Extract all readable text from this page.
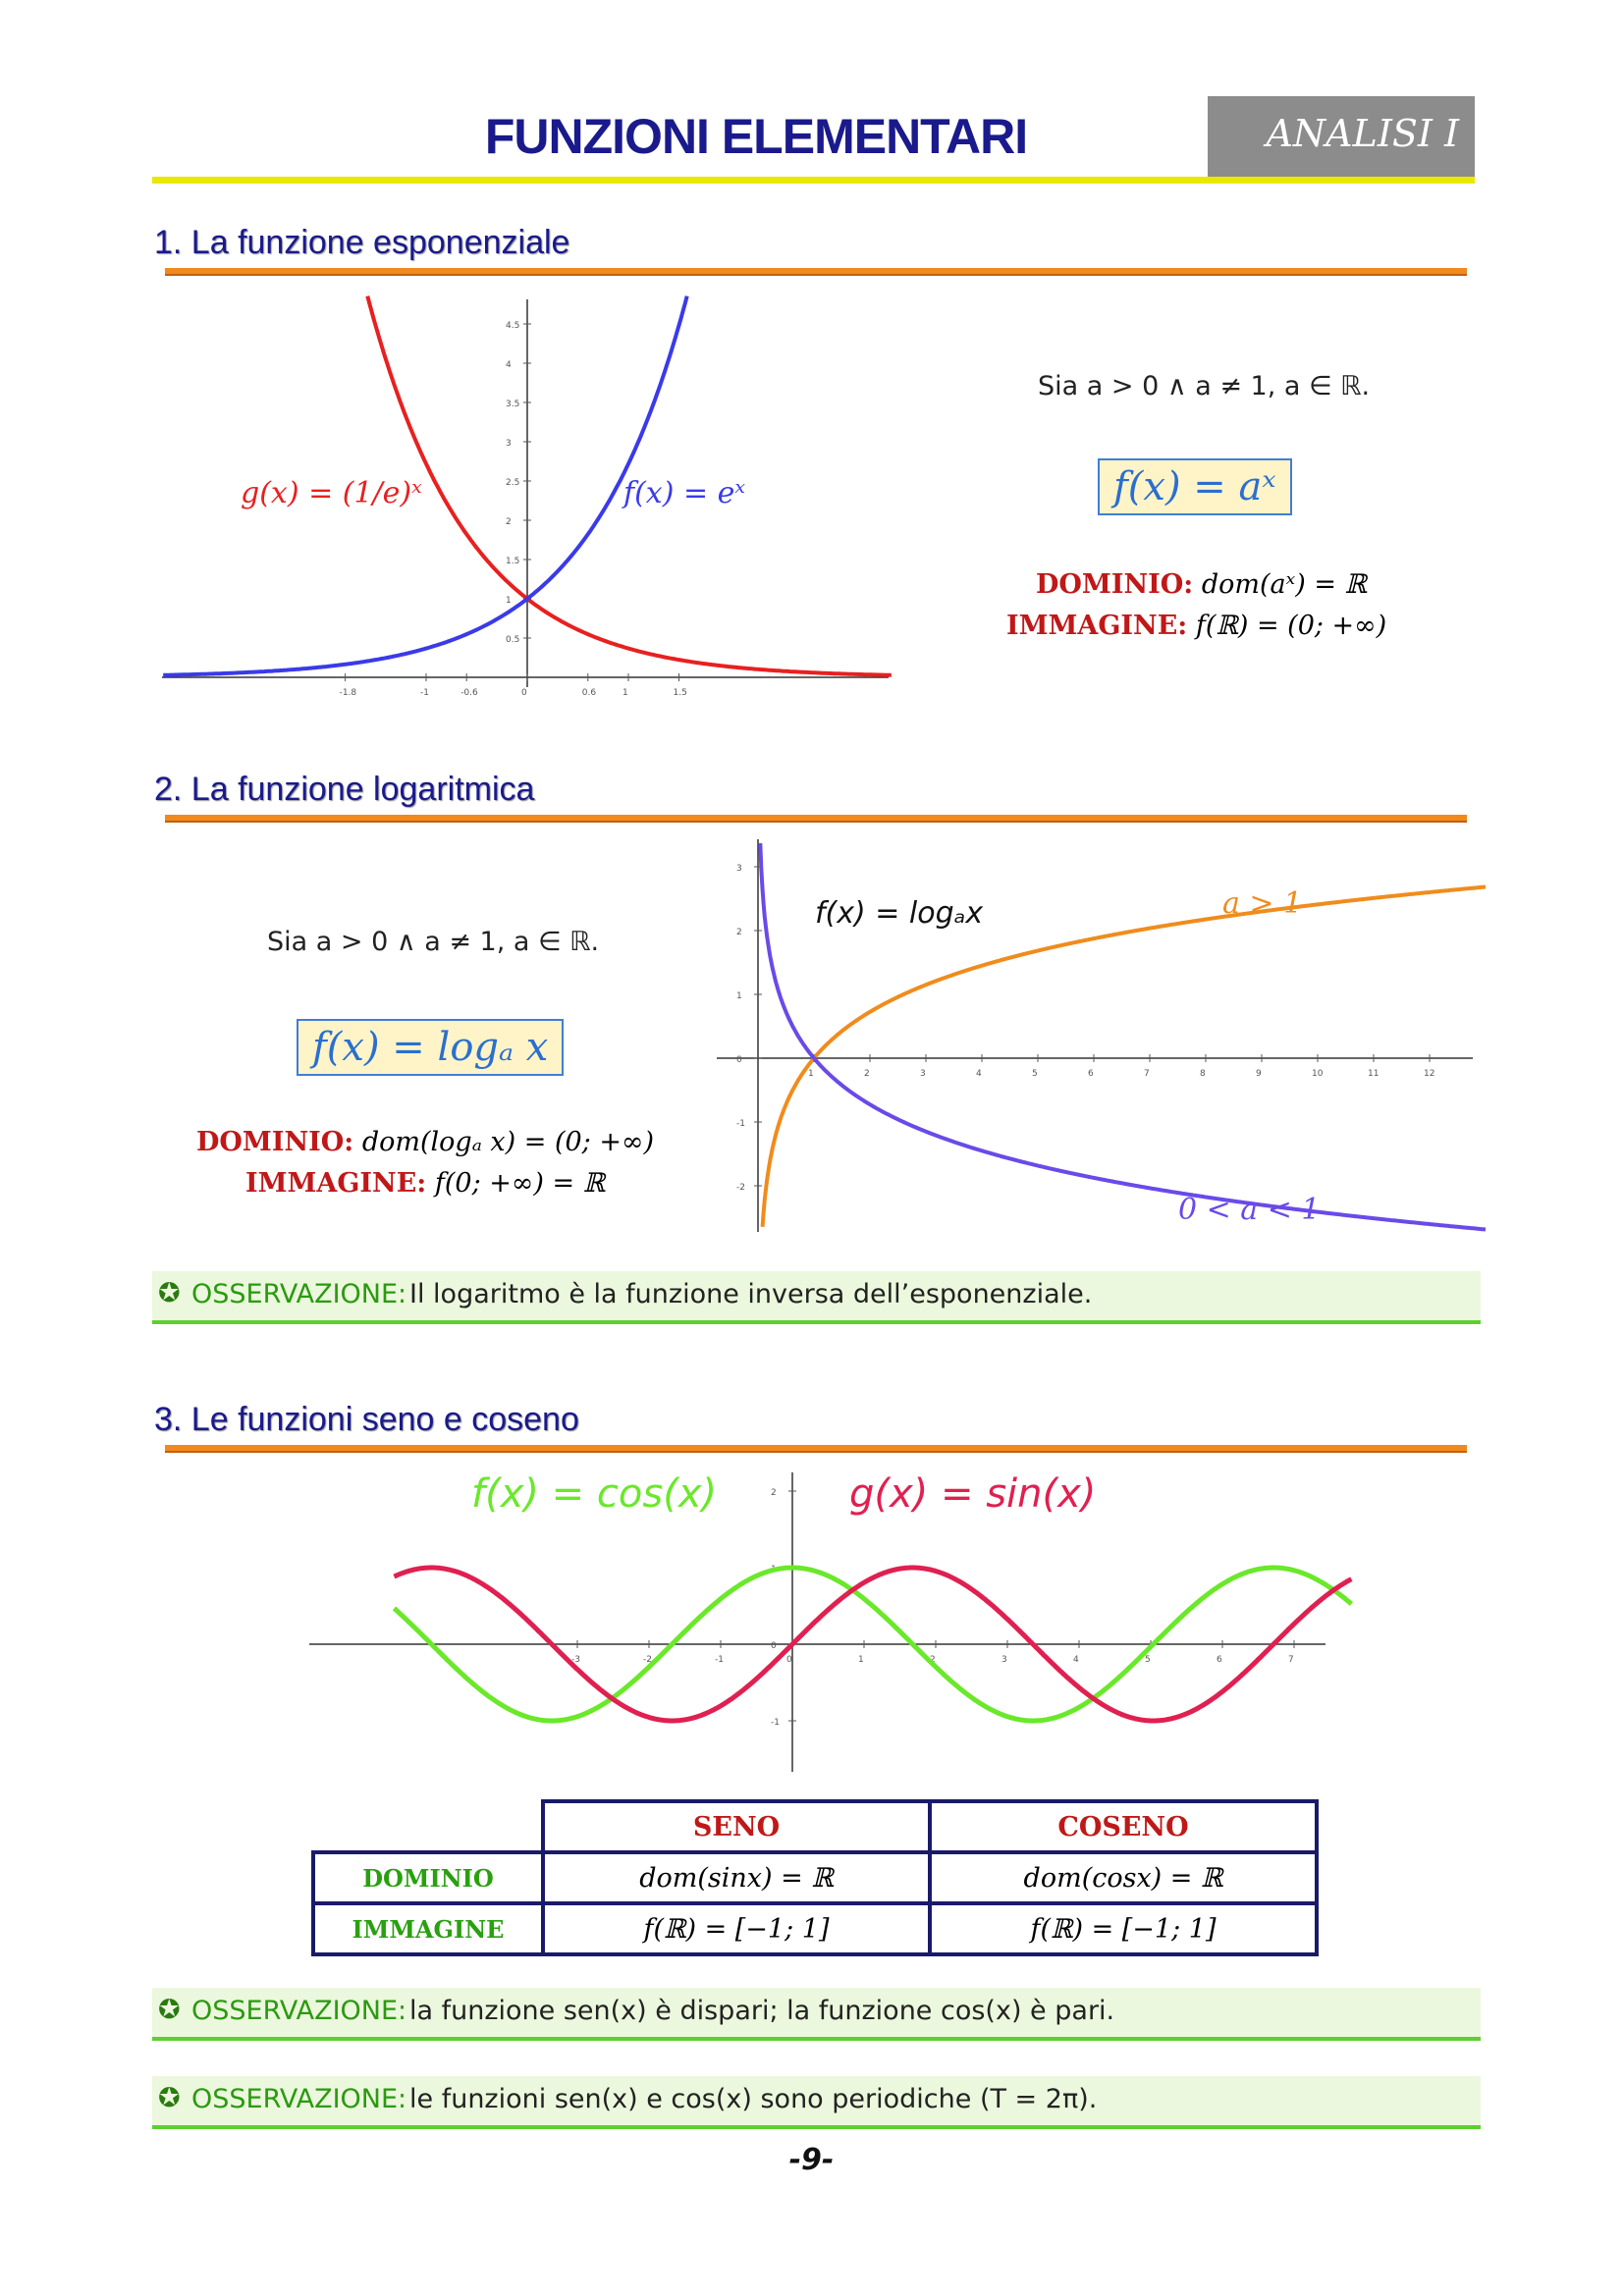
FUNZIONI ELEMENTARI	ANALISI I
1. La funzione esponenziale
-1.8	-1	-0.6	0	0.6	1	1.5
0.5
1
1.5
2
2.5
3
3.5
4
4.5
g(x) = (1/e)ˣ	f(x) = eˣ
Sia a > 0 ∧ a ≠ 1, a ∈ ℝ.
f(x) = aˣ
DOMINIO: dom(aˣ) = ℝ
IMMAGINE: f(ℝ) = (0; +∞)
2. La funzione logaritmica
Sia a > 0 ∧ a ≠ 1, a ∈ ℝ.
f(x) = logₐ x
DOMINIO: dom(logₐ x) = (0; +∞)
IMMAGINE: f(0; +∞) = ℝ
1	2	3	4	5	6	7	8	9	10	11	12
3
2
1
0
-1
-2
f(x) = logₐx	a > 1
0 < a < 1
✪ OSSERVAZIONE: Il logaritmo è la funzione inversa dell’esponenziale.
3. Le funzioni seno e coseno
-3	-2	-1	0	1	2	3	4	5	6	7
2
1
0
-1
f(x) = cos(x)	g(x) = sin(x)
	SENO	COSENO
DOMINIO	dom(sinx) = ℝ	dom(cosx) = ℝ
IMMAGINE	f(ℝ) = [−1; 1]	f(ℝ) = [−1; 1]
✪ OSSERVAZIONE: la funzione sen(x) è dispari; la funzione cos(x) è pari.
✪ OSSERVAZIONE: le funzioni sen(x) e cos(x) sono periodiche (T = 2π).
-9-
